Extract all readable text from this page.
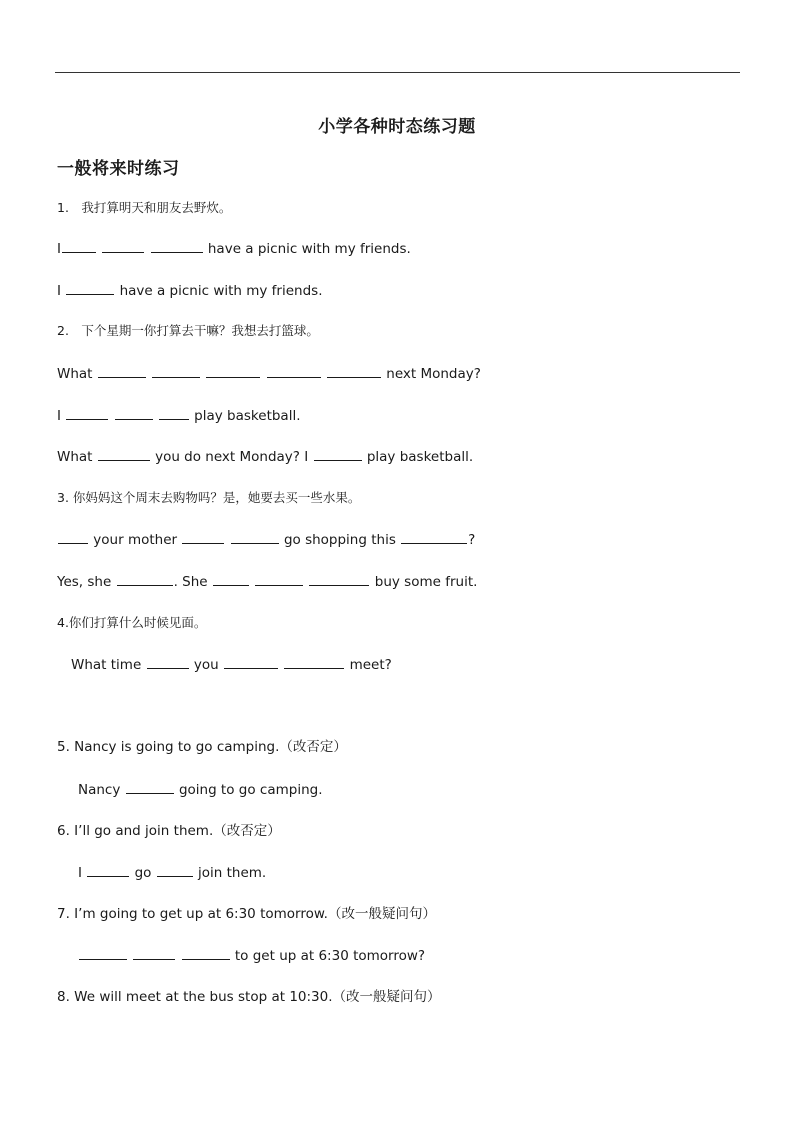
小学各种时态练习题
一般将来时练习
1.　我打算明天和朋友去野炊。
I	have a picnic with my friends.
I	have a picnic with my friends.
2.　下个星期一你打算去干嘛？我想去打篮球。
What	next Monday?
I	play basketball.
What	you do next Monday? I	play basketball.
3. 你妈妈这个周末去购物吗？是，她要去买一些水果。
your mother	go shopping this	?
Yes, she	. She	buy some fruit.
4.你们打算什么时候见面。
What time	you	meet?
5. Nancy is going to go camping.（改否定）
Nancy	going to go camping.
6. I’ll go and join them.（改否定）
I	go	join them.
7. I’m going to get up at 6:30 tomorrow.（改一般疑问句）
to get up at 6:30 tomorrow?
8. We will meet at the bus stop at 10:30.（改一般疑问句）
